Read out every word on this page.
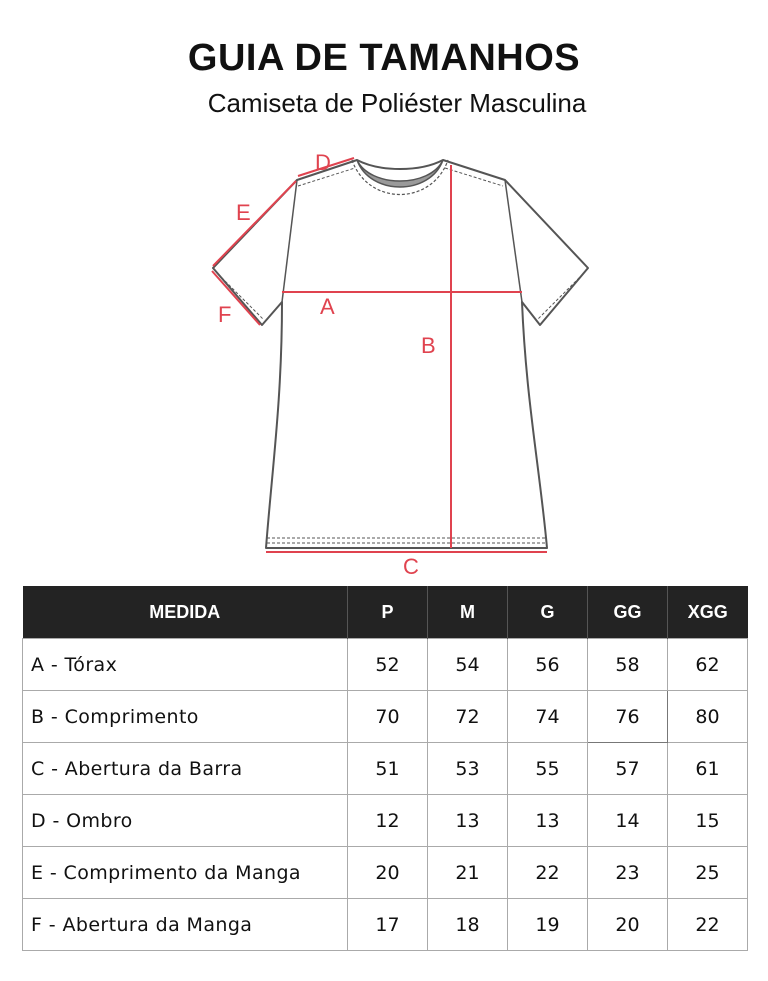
GUIA DE TAMANHOS
Camiseta de Poliéster Masculina
A
B
C
D
E
F
MEDIDA	P	M	G	GG	XGG
A - Tórax	52	54	56	58	62
B - Comprimento	70	72	74	76	80
C - Abertura da Barra	51	53	55	57	61
D - Ombro	12	13	13	14	15
E - Comprimento da Manga	20	21	22	23	25
F - Abertura da Manga	17	18	19	20	22
